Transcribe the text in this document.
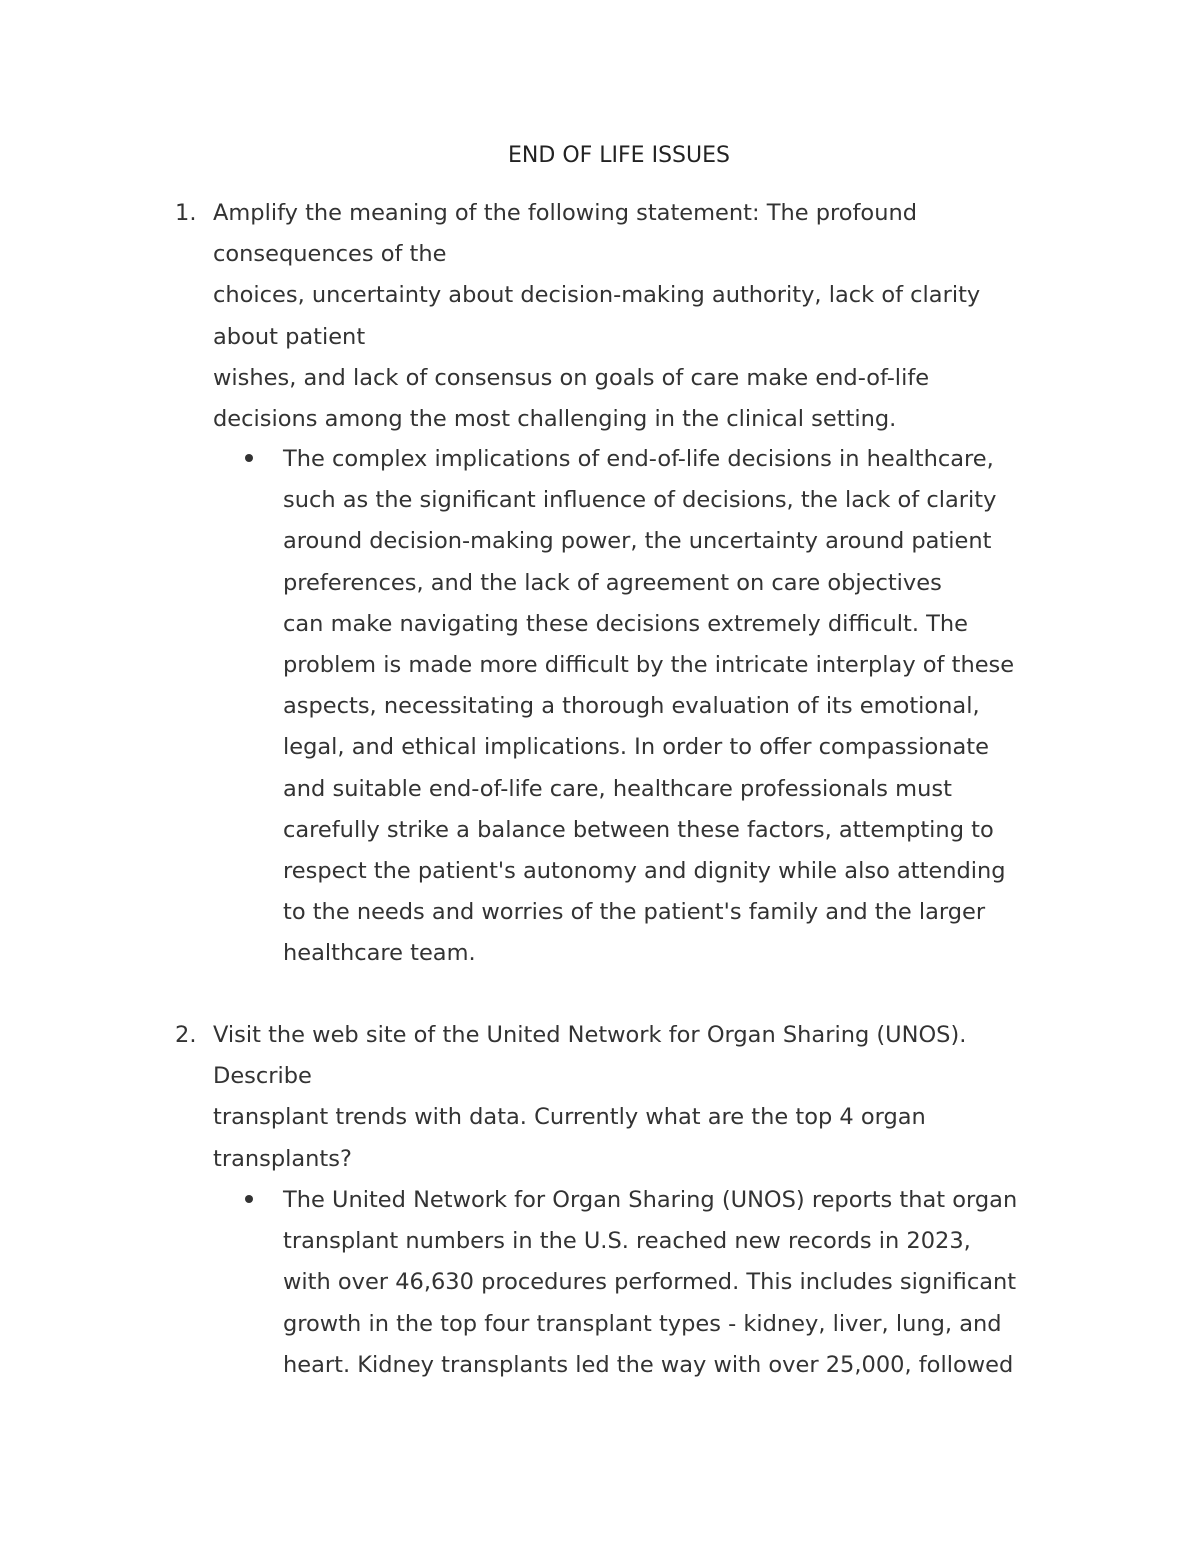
END OF LIFE ISSUES
1. Amplify the meaning of the following statement: The profound
consequences of the
choices, uncertainty about decision-making authority, lack of clarity
about patient
wishes, and lack of consensus on goals of care make end-of-life
decisions among the most challenging in the clinical setting.
The complex implications of end-of-life decisions in healthcare,
such as the significant influence of decisions, the lack of clarity
around decision-making power, the uncertainty around patient
preferences, and the lack of agreement on care objectives
can make navigating these decisions extremely difficult. The
problem is made more difficult by the intricate interplay of these
aspects, necessitating a thorough evaluation of its emotional,
legal, and ethical implications. In order to offer compassionate
and suitable end-of-life care, healthcare professionals must
carefully strike a balance between these factors, attempting to
respect the patient's autonomy and dignity while also attending
to the needs and worries of the patient's family and the larger
healthcare team.
2. Visit the web site of the United Network for Organ Sharing (UNOS).
Describe
transplant trends with data. Currently what are the top 4 organ
transplants?
The United Network for Organ Sharing (UNOS) reports that organ
transplant numbers in the U.S. reached new records in 2023,
with over 46,630 procedures performed. This includes significant
growth in the top four transplant types - kidney, liver, lung, and
heart. Kidney transplants led the way with over 25,000, followed
